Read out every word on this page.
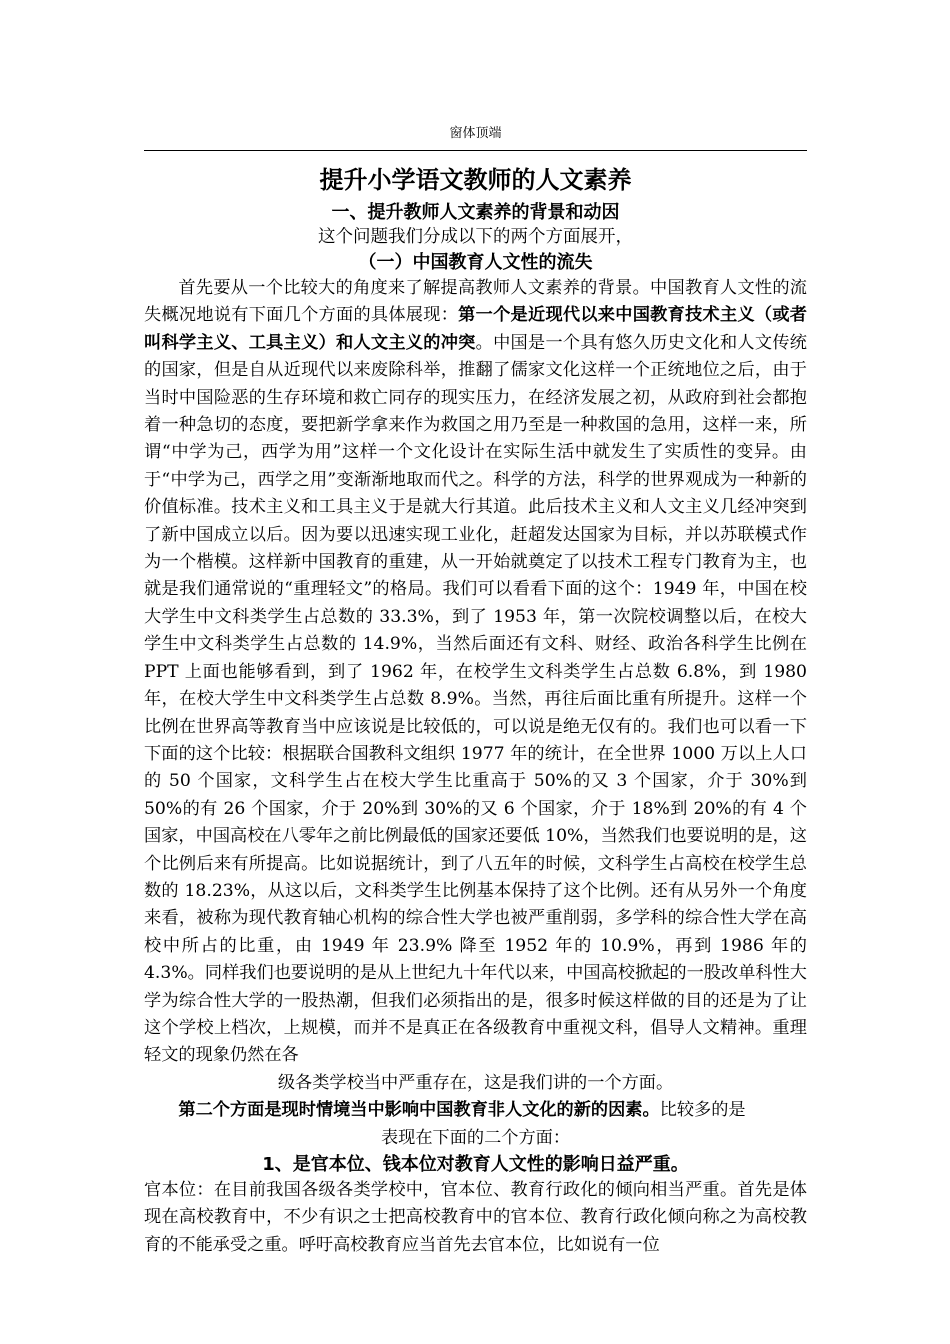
窗体顶端
提升小学语文教师的人文素养
一、提升教师人文素养的背景和动因

这个问题我们分成以下的两个方面展开，

（一）中国教育人文性的流失

首先要从一个比较大的角度来了解提高教师人文素养的背景。中国教育人文性的流失概况地说有下面几个方面的具体展现：第一个是近现代以来中国教育技术主义（或者叫科学主义、工具主义）和人文主义的冲突。中国是一个具有悠久历史文化和人文传统的国家，但是自从近现代以来废除科举，推翻了儒家文化这样一个正统地位之后，由于当时中国险恶的生存环境和救亡同存的现实压力，在经济发展之初，从政府到社会都抱着一种急切的态度，要把新学拿来作为救国之用乃至是一种救国的急用，这样一来，所谓“中学为己，西学为用”这样一个文化设计在实际生活中就发生了实质性的变异。由于“中学为己，西学之用”变渐渐地取而代之。科学的方法，科学的世界观成为一种新的价值标准。技术主义和工具主义于是就大行其道。此后技术主义和人文主义几经冲突到了新中国成立以后。因为要以迅速实现工业化，赶超发达国家为目标，并以苏联模式作为一个楷模。这样新中国教育的重建，从一开始就奠定了以技术工程专门教育为主，也就是我们通常说的“重理轻文”的格局。我们可以看看下面的这个：1949 年，中国在校大学生中文科类学生占总数的 33.3%，到了 1953 年，第一次院校调整以后，在校大学生中文科类学生占总数的 14.9%，当然后面还有文科、财经、政治各科学生比例在 PPT 上面也能够看到，到了 1962 年，在校学生文科类学生占总数 6.8%，到 1980 年，在校大学生中文科类学生占总数 8.9%。当然，再往后面比重有所提升。这样一个比例在世界高等教育当中应该说是比较低的，可以说是绝无仅有的。我们也可以看一下下面的这个比较：根据联合国教科文组织 1977 年的统计，在全世界 1000 万以上人口的 50 个国家，文科学生占在校大学生比重高于 50%的又 3 个国家，介于 30%到 50%的有 26 个国家，介于 20%到 30%的又 6 个国家，介于 18%到 20%的有 4 个国家，中国高校在八零年之前比例最低的国家还要低 10%，当然我们也要说明的是，这个比例后来有所提高。比如说据统计，到了八五年的时候，文科学生占高校在校学生总数的 18.23%，从这以后，文科类学生比例基本保持了这个比例。还有从另外一个角度来看，被称为现代教育轴心机构的综合性大学也被严重削弱，多学科的综合性大学在高校中所占的比重，由 1949 年 23.9% 降至 1952 年的 10.9%，再到 1986 年的 4.3%。同样我们也要说明的是从上世纪九十年代以来，中国高校掀起的一股改单科性大学为综合性大学的一股热潮，但我们必须指出的是，很多时候这样做的目的还是为了让这个学校上档次，上规模，而并不是真正在各级教育中重视文科，倡导人文精神。重理轻文的现象仍然在各

级各类学校当中严重存在，这是我们讲的一个方面。

第二个方面是现时情境当中影响中国教育非人文化的新的因素。比较多的是

表现在下面的二个方面：

1、是官本位、钱本位对教育人文性的影响日益严重。

官本位：在目前我国各级各类学校中，官本位、教育行政化的倾向相当严重。首先是体现在高校教育中，不少有识之士把高校教育中的官本位、教育行政化倾向称之为高校教育的不能承受之重。呼吁高校教育应当首先去官本位，比如说有一位
